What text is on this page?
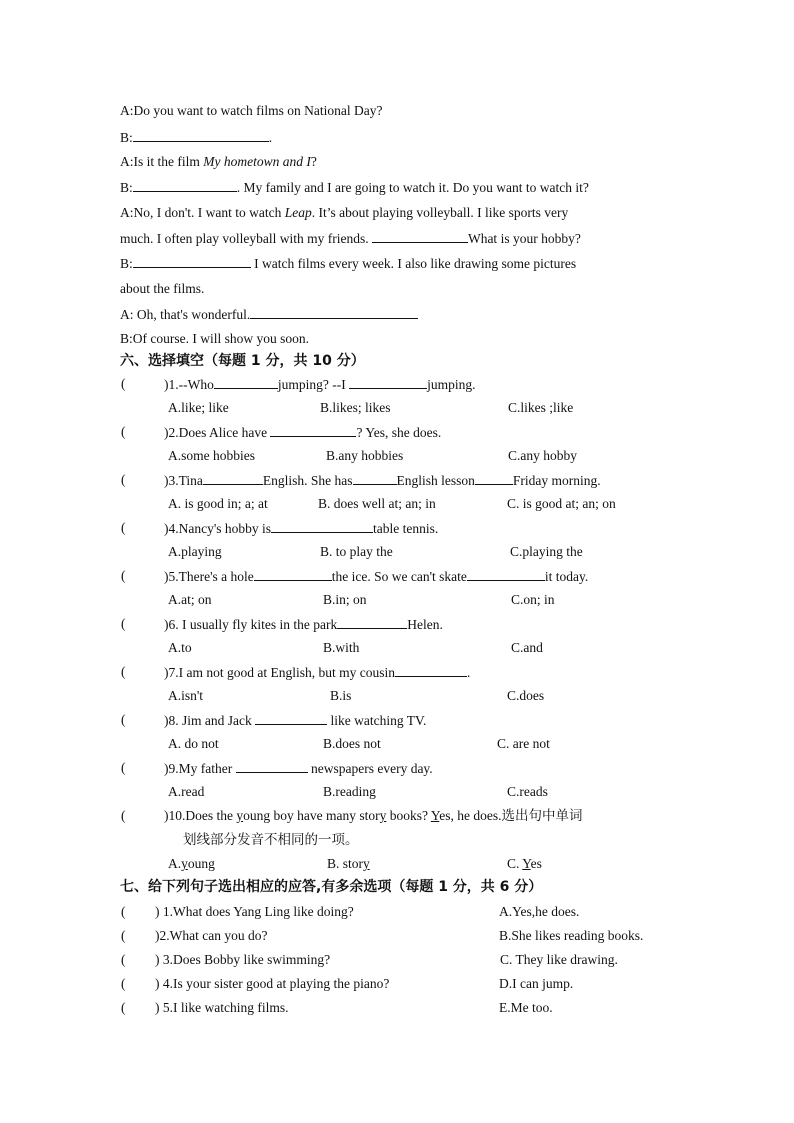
A:Do you want to watch films on National Day?
B:	.
A:Is it the film My hometown and I?
B:	. My family and I are going to watch it. Do you want to watch it?
A:No, I don't. I want to watch Leap. It’s about playing volleyball. I like sports very
much. I often play volleyball with my friends.	What is your hobby?
B:	I watch films every week. I also like drawing some pictures
about the films.
A: Oh, that's wonderful.
B:Of course. I will show you soon.
六、选择填空（每题 1 分，共 10 分）
(	)1.--Who	jumping? --I	jumping.
A.like; like	B.likes; likes	C.likes ;like
(	)2.Does Alice have	? Yes, she does.
A.some hobbies	B.any hobbies	C.any hobby
(	)3.Tina	English. She has	English lesson	Friday morning.
A. is good in; a; at	B. does well at; an; in	C. is good at; an; on
(	)4.Nancy's hobby is	table tennis.
A.playing	B. to play the	C.playing the
(	)5.There's a hole	the ice. So we can't skate	it today.
A.at; on	B.in; on	C.on; in
(	)6. I usually fly kites in the park	Helen.
A.to	B.with	C.and
(	)7.I am not good at English, but my cousin	.
A.isn't	B.is	C.does
(	)8. Jim and Jack	like watching TV.
A. do not	B.does not	C. are not
(	)9.My father	newspapers every day.
A.read	B.reading	C.reads
(	)10.Does the young boy have many story books? Yes, he does.选出句中单词
划线部分发音不相同的一项。
A.young	B. story	C. Yes
七、给下列句子选出相应的应答,有多余选项（每题 1 分，共 6 分）
( ) 1.What does Yang Ling like doing?	A.Yes,he does.
( )2.What can you do?	B.She likes reading books.
( ) 3.Does Bobby like swimming?	C. They like drawing.
( ) 4.Is your sister good at playing the piano?	D.I can jump.
( ) 5.I like watching films.	E.Me too.
